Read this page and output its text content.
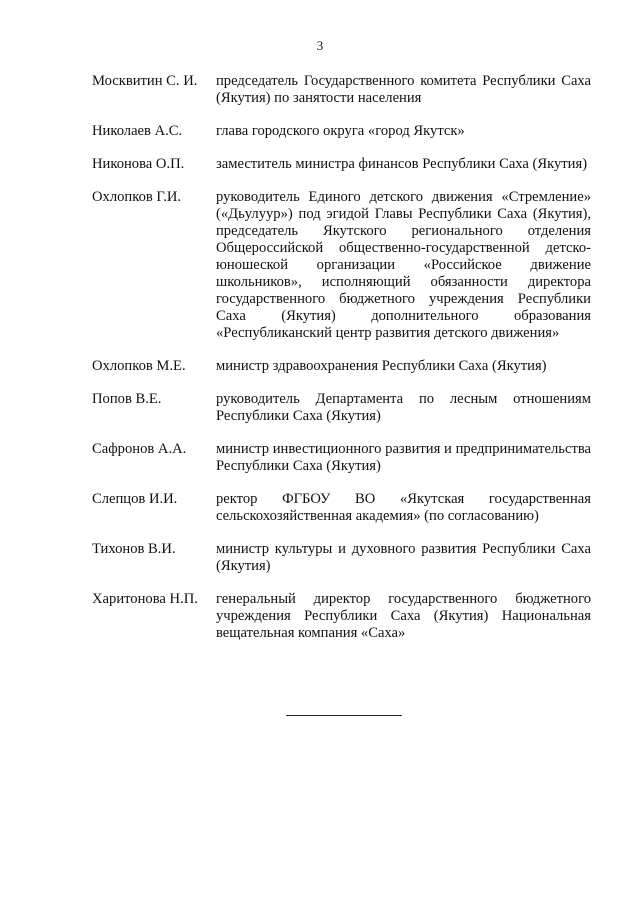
3
Москвитин С. И.	председатель Государственного комитета Республики Саха (Якутия) по занятости населения
Николаев А.С.	глава городского округа «город Якутск»
Никонова О.П.	заместитель министра финансов Республики Саха (Якутия)
Охлопков Г.И.	руководитель Единого детского движения «Стремление» («Дьулуур») под эгидой Главы Республики Саха (Якутия), председатель Якутского регионального отделения Общероссийской общественно-государственной детско-юношеской организации «Российское движение школьников», исполняющий обязанности директора государственного бюджетного учреждения Республики Саха (Якутия) дополнительного образования «Республиканский центр развития детского движения»
Охлопков М.Е.	министр здравоохранения Республики Саха (Якутия)
Попов В.Е.	руководитель Департамента по лесным отношениям Республики Саха (Якутия)
Сафронов А.А.	министр инвестиционного развития и предпринимательства Республики Саха (Якутия)
Слепцов И.И.	ректор ФГБОУ ВО «Якутская государственная сельскохозяйственная академия» (по согласованию)
Тихонов В.И.	министр культуры и духовного развития Республики Саха (Якутия)
Харитонова Н.П.	генеральный директор государственного бюджетного учреждения Республики Саха (Якутия) Национальная вещательная компания «Саха»
